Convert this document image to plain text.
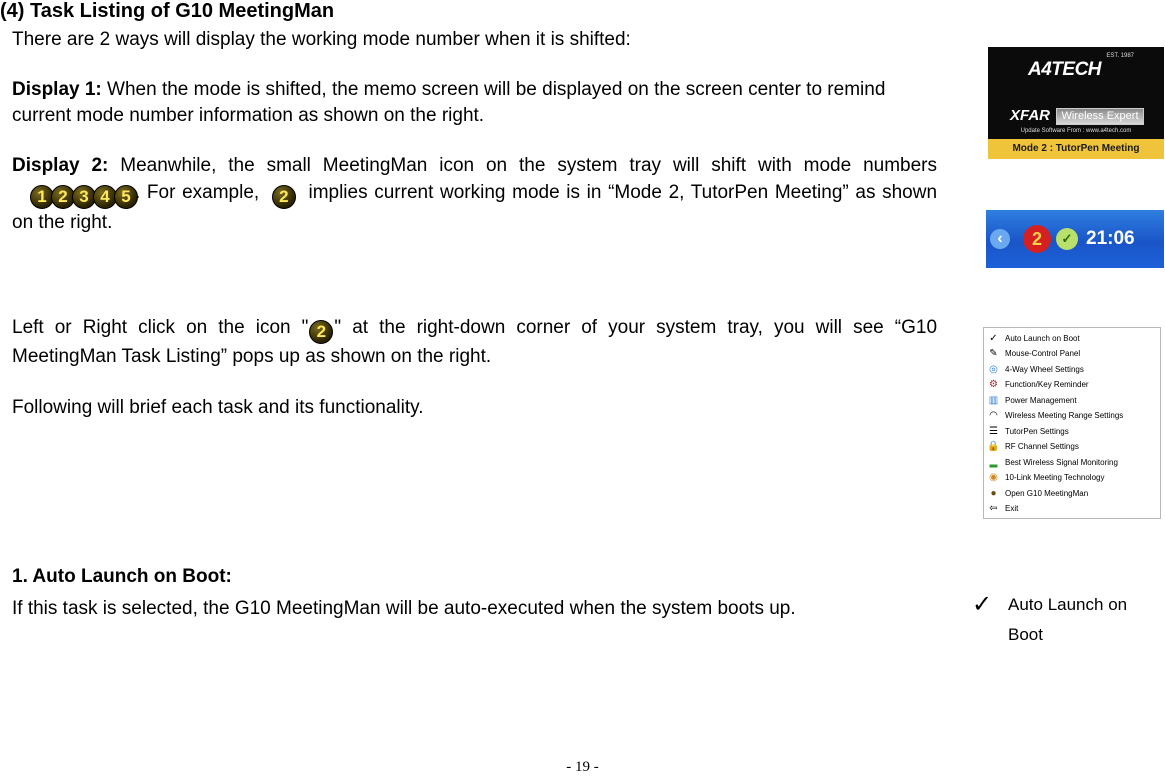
(4) Task Listing of G10 MeetingMan
There are 2 ways will display the working mode number when it is shifted:
Display 1: When the mode is shifted, the memo screen will be displayed on the screen center to remind current mode number information as shown on the right.
Display 2: Meanwhile, the small MeetingMan icon on the system tray will shift with mode numbers 1 2 3 4 5 . For example, 2 implies current working mode is in “Mode 2, TutorPen Meeting” as shown on the right.
Left or Right click on the icon " 2 " at the right-down corner of your system tray, you will see “G10 MeetingMan Task Listing” pops up as shown on the right.
Following will brief each task and its functionality.
1. Auto Launch on Boot:
If this task is selected, the G10 MeetingMan will be auto-executed when the system boots up.
- 19 -
EST. 1987
A4TECH
XFAR	Wireless Expert
Update Software From : www.a4tech.com
Mode 2 : TutorPen Meeting
‹	2	✓ 21:06
✓ Auto Launch on Boot
✎ Mouse-Control Panel
◎ 4-Way Wheel Settings
⚙ Function/Key Reminder
▥ Power Management
◠ Wireless Meeting Range Settings
☰ TutorPen Settings
🔒 RF Channel Settings
▂ Best Wireless Signal Monitoring
◉ 10-Link Meeting Technology
●	Open G10 MeetingMan
⇦ Exit
✓ Auto Launch on Boot
